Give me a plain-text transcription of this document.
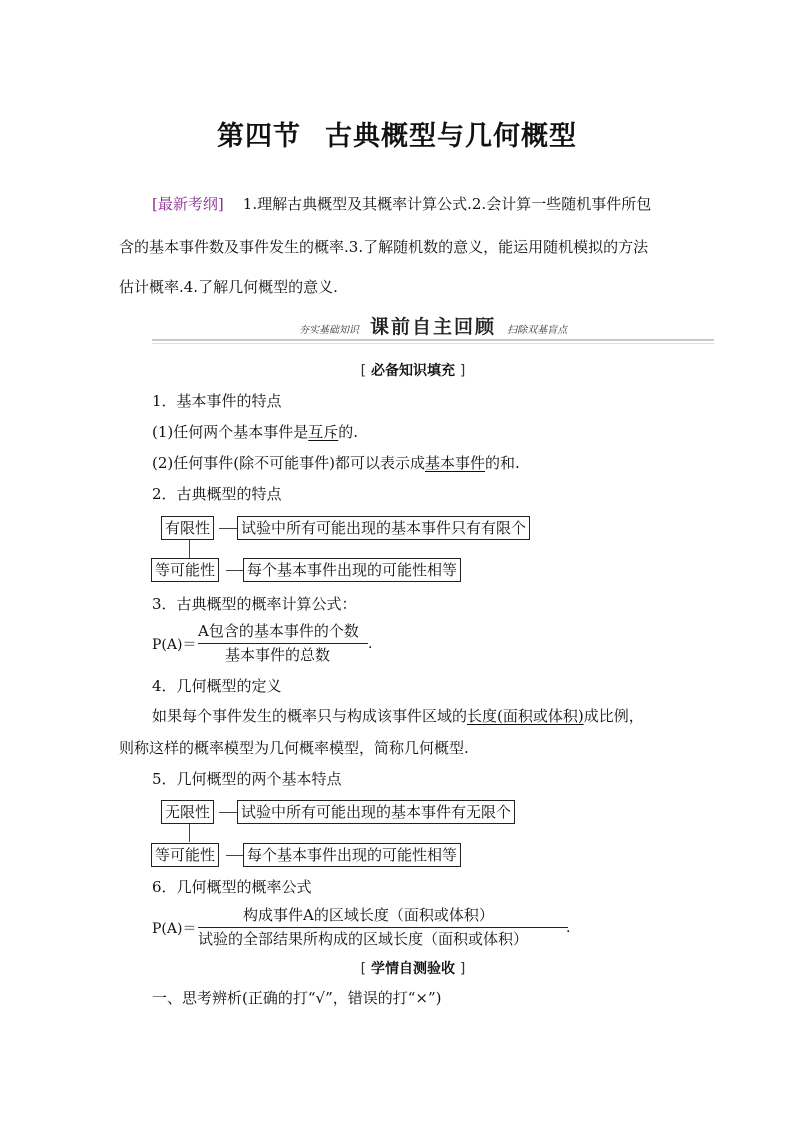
第四节 古典概型与几何概型
[最新考纲] 1.理解古典概型及其概率计算公式.2.会计算一些随机事件所包
含的基本事件数及事件发生的概率.3.了解随机数的意义，能运用随机模拟的方法
估计概率.4.了解几何概型的意义.
夯实基础知识 课前自主回顾 扫除双基盲点
[ 必备知识填充 ]
1．基本事件的特点
(1)任何两个基本事件是互斥的.
(2)任何事件(除不可能事件)都可以表示成基本事件的和.
2．古典概型的特点
有限性 试验中所有可能出现的基本事件只有有限个
等可能性 每个基本事件出现的可能性相等
3．古典概型的概率计算公式：
P(A)＝
A包含的基本事件的个数
基本事件的总数
.
4．几何概型的定义
如果每个事件发生的概率只与构成该事件区域的长度(面积或体积)成比例，
则称这样的概率模型为几何概率模型，简称几何概型.
5．几何概型的两个基本特点
无限性 试验中所有可能出现的基本事件有无限个
等可能性 每个基本事件出现的可能性相等
6．几何概型的概率公式
P(A)＝
构成事件A的区域长度（面积或体积）
试验的全部结果所构成的区域长度（面积或体积）
.
[ 学情自测验收 ]
一、思考辨析(正确的打“√”，错误的打“×”)
